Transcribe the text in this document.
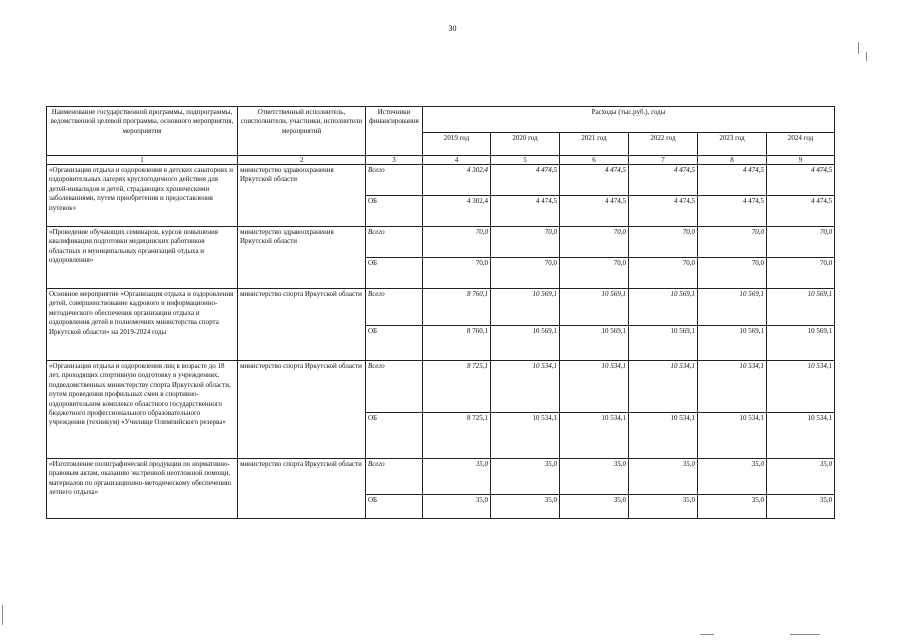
30
Наименование государственной программы, подпрограммы, ведомственной целевой программы, основного мероприятия, мероприятия	Ответственный исполнитель, соисполнители, участники, исполнители мероприятий	Источники финансирования	Расходы (тыс.руб.), годы					
			2019 год	2020 год	2021 год	2022 год	2023 год	2024 год
1	2	3	4	5	6	7	8	9
«Организация отдыха и оздоровления в детских санаториях и оздоровительных лагерях круглогодичного действия для детей-инвалидов и детей, страдающих хроническими заболеваниями, путем приобретения и предоставления путевок»	министерство здравоохранения Иркутской области	Всего	4 302,4	4 474,5	4 474,5	4 474,5	4 474,5	4 474,5
		ОБ	4 302,4	4 474,5	4 474,5	4 474,5	4 474,5	4 474,5
«Проведение обучающих семинаров, курсов повышения квалификации подготовки медицинских работников областных и муниципальных организаций отдыха и оздоровления»	министерство здравоохранения Иркутской области	Всего	70,0	70,0	70,0	70,0	70,0	70,0
		ОБ	70,0	70,0	70,0	70,0	70,0	70,0
Основное мероприятие «Организация отдыха и оздоровления детей, совершенствование кадрового и информационно-методического обеспечения организации отдыха и оздоровления детей в полномочиях министерства спорта Иркутской области» на 2019-2024 годы	министерство спорта Иркутской области	Всего	8 760,1	10 569,1	10 569,1	10 569,1	10 569,1	10 569,1
		ОБ	8 760,1	10 569,1	10 569,1	10 569,1	10 569,1	10 569,1
«Организация отдыха и оздоровления лиц в возрасте до 18 лет, проходящих спортивную подготовку в учреждениях, подведомственных министерству спорта Иркутской области, путем проведения профильных смен в спортивно-оздоровительном комплексе областного государственного бюджетного профессионального образовательного учреждения (техникум) «Училище Олимпийского резерва»	министерство спорта Иркутской области	Всего	8 725,1	10 534,1	10 534,1	10 534,1	10 534,1	10 534,1
		ОБ	8 725,1	10 534,1	10 534,1	10 534,1	10 534,1	10 534,1
«Изготовление полиграфической продукции по нормативно-правовым актам, оказанию экстренной неотложной помощи, материалов по организационно-методическому обеспечению летнего отдыха»	министерство спорта Иркутской области	Всего	35,0	35,0	35,0	35,0	35,0	35,0
		ОБ	35,0	35,0	35,0	35,0	35,0	35,0
